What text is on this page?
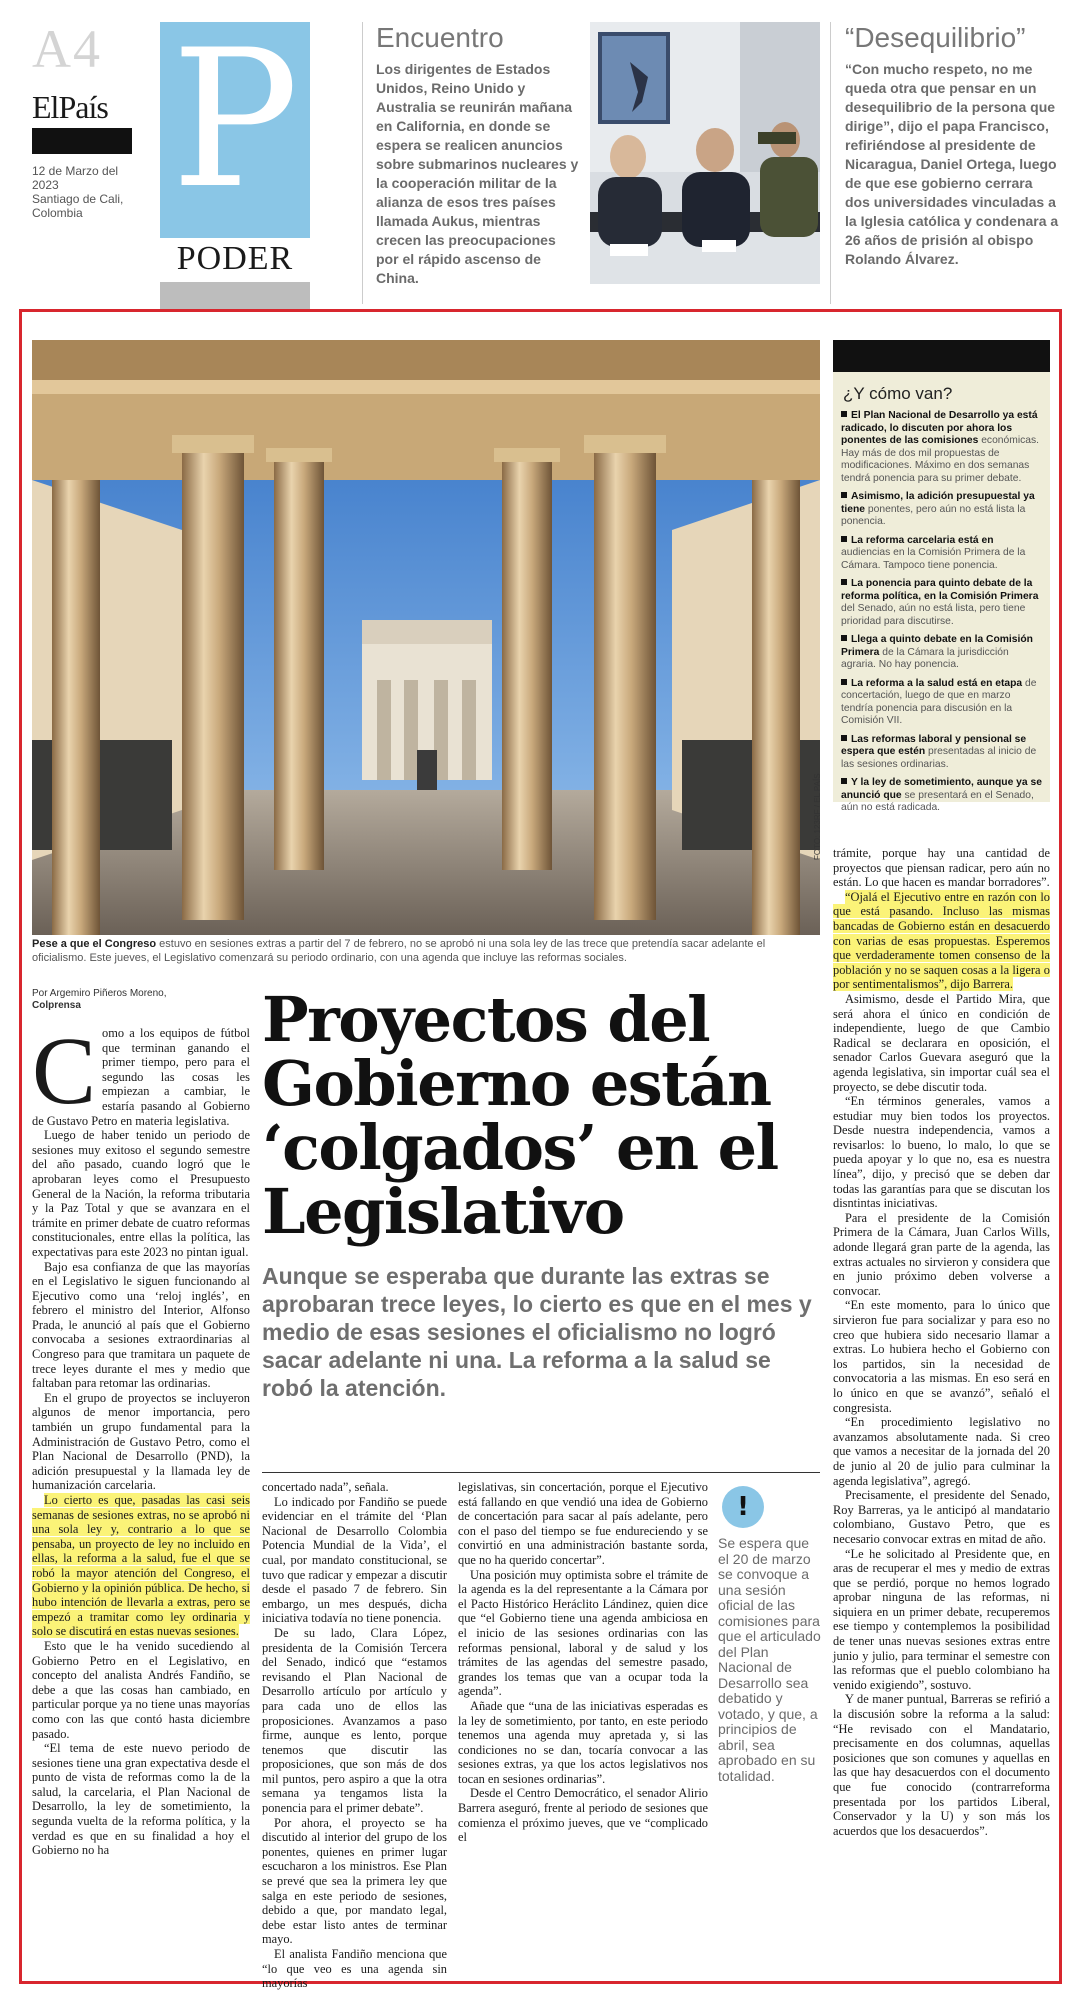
A4
ElPaís
12 de Marzo del 2023
Santiago de Cali, Colombia P
PODER
Encuentro
Los dirigentes de Estados Unidos, Reino Unido y Australia se reunirán mañana en California, en donde se espera se realicen anuncios sobre submarinos nucleares y la cooperación militar de la alianza de esos tres países llamada Aukus, mientras crecen las preocupaciones por el rápido ascenso de China.
“Desequilibrio”
“Con mucho respeto, no me queda otra que pensar en un desequilibrio de la persona que dirige”, dijo el papa Francisco, refiriéndose al presidente de Nicaragua, Daniel Ortega, luego de que ese gobierno cerrara dos universidades vinculadas a la Iglesia católica y condenara a 26 años de prisión al obispo Rolando Álvarez.
FOTO: 123RF / EL PAÍS
Pese a que el Congreso estuvo en sesiones extras a partir del 7 de febrero, no se aprobó ni una sola ley de las trece que pretendía sacar adelante el oficialismo. Este jueves, el Legislativo comenzará su periodo ordinario, con una agenda que incluye las reformas sociales.
¿Y cómo van?
El Plan Nacional de Desarrollo ya está radicado, lo discuten por ahora los ponentes de las comisiones económicas. Hay más de dos mil propuestas de modificaciones. Máximo en dos semanas tendrá ponencia para su primer debate.
Asimismo, la adición presupuestal ya tiene ponentes, pero aún no está lista la ponencia.
La reforma carcelaria está en audiencias en la Comisión Primera de la Cámara. Tampoco tiene ponencia.
La ponencia para quinto debate de la reforma política, en la Comisión Primera del Senado, aún no está lista, pero tiene prioridad para discutirse.
Llega a quinto debate en la Comisión Primera de la Cámara la jurisdicción agraria. No hay ponencia.
La reforma a la salud está en etapa de concertación, luego de que en marzo tendría ponencia para discusión en la Comisión VII.
Las reformas laboral y pensional se espera que estén presentadas al inicio de las sesiones ordinarias.
Y la ley de sometimiento, aunque ya se anunció que se presentará en el Senado, aún no está radicada.
Por Argemiro Piñeros Moreno,
Colprensa	Proyectos del Gobierno están ‘colgados’ en el Legislativo
Aunque se esperaba que durante las extras se aprobaran trece leyes, lo cierto es que en el mes y medio de esas sesiones el oficialismo no logró sacar adelante ni una. La reforma a la salud se robó la atención.

Como a los equipos de fútbol que terminan ganando el primer tiempo, pero para el segundo las cosas les empiezan a cambiar, le estaría pasando al Gobierno de Gustavo Petro en materia legislativa.

Luego de haber tenido un periodo de sesiones muy exitoso el segundo semestre del año pasado, cuando logró que le aprobaran leyes como el Presupuesto General de la Nación, la reforma tributaria y la Paz Total y que se avanzara en el trámite en primer debate de cuatro reformas constitucionales, entre ellas la política, las expectativas para este 2023 no pintan igual.

Bajo esa confianza de que las mayorías en el Legislativo le siguen funcionando al Ejecutivo como una ‘reloj inglés’, en febrero el ministro del Interior, Alfonso Prada, le anunció al país que el Gobierno convocaba a sesiones extraordinarias al Congreso para que tramitara un paquete de trece leyes durante el mes y medio que faltaban para retomar las ordinarias.

En el grupo de proyectos se incluyeron algunos de menor importancia, pero también un grupo fundamental para la Administración de Gustavo Petro, como el Plan Nacional de Desarrollo (PND), la adición presupuestal y la llamada ley de humanización carcelaria.

Lo cierto es que, pasadas las casi seis semanas de sesiones extras, no se aprobó ni una sola ley y, contrario a lo que se pensaba, un proyecto de ley no incluido en ellas, la reforma a la salud, fue el que se robó la mayor atención del Congreso, el Gobierno y la opinión pública. De hecho, si hubo intención de llevarla a extras, pero se empezó a tramitar como ley ordinaria y solo se discutirá en estas nuevas sesiones.

Esto que le ha venido sucediendo al Gobierno Petro en el Legislativo, en concepto del analista Andrés Fandiño, se debe a que las cosas han cambiado, en particular porque ya no tiene unas mayorías como con las que contó hasta diciembre pasado.

“El tema de este nuevo periodo de sesiones tiene una gran expectativa desde el punto de vista de reformas como la de la salud, la carcelaria, el Plan Nacional de Desarrollo, la ley de sometimiento, la segunda vuelta de la reforma política, y la verdad es que en su finalidad a hoy el Gobierno no ha

concertado nada”, señala.

Lo indicado por Fandiño se puede evidenciar en el trámite del ‘Plan Nacional de Desarrollo Colombia Potencia Mundial de la Vida’, el cual, por mandato constitucional, se tuvo que radicar y empezar a discutir desde el pasado 7 de febrero. Sin embargo, un mes después, dicha iniciativa todavía no tiene ponencia.

De su lado, Clara López, presidenta de la Comisión Tercera del Senado, indicó que “estamos revisando el Plan Nacional de Desarrollo artículo por artículo y para cada uno de ellos las proposiciones. Avanzamos a paso firme, aunque es lento, porque tenemos que discutir las proposiciones, que son más de dos mil puntos, pero aspiro a que la otra semana ya tengamos lista la ponencia para el primer debate”.

Por ahora, el proyecto se ha discutido al interior del grupo de los ponentes, quienes en primer lugar escucharon a los ministros. Ese Plan se prevé que sea la primera ley que salga en este periodo de sesiones, debido a que, por mandato legal, debe estar listo antes de terminar mayo.

El analista Fandiño menciona que “lo que veo es una agenda sin mayorías

legislativas, sin concertación, porque el Ejecutivo está fallando en que vendió una idea de Gobierno de concertación para sacar al país adelante, pero con el paso del tiempo se fue endureciendo y se convirtió en una administración bastante sorda, que no ha querido concertar”.

Una posición muy optimista sobre el trámite de la agenda es la del representante a la Cámara por el Pacto Histórico Heráclito Lándinez, quien dice que “el Gobierno tiene una agenda ambiciosa en el inicio de las sesiones ordinarias con las reformas pensional, laboral y de salud y los trámites de las agendas del semestre pasado, grandes los temas que van a ocupar toda la agenda”.

Añade que “una de las iniciativas esperadas es la ley de sometimiento, por tanto, en este periodo tenemos una agenda muy apretada y, si las condiciones no se dan, tocaría convocar a las sesiones extras, ya que los actos legislativos nos tocan en sesiones ordinarias”.

Desde el Centro Democrático, el senador Alirio Barrera aseguró, frente al periodo de sesiones que comienza el próximo jueves, que ve “complicado el

!
Se espera que el 20 de marzo se convoque a una sesión oficial de las comisiones para que el articulado del Plan Nacional de Desarrollo sea debatido y votado, y que, a principios de abril, sea aprobado en su totalidad.

trámite, porque hay una cantidad de proyectos que piensan radicar, pero aún no están. Lo que hacen es mandar borradores”.

“Ojalá el Ejecutivo entre en razón con lo que está pasando. Incluso las mismas bancadas de Gobierno están en desacuerdo con varias de esas propuestas. Esperemos que verdaderamente tomen consenso de la población y no se saquen cosas a la ligera o por sentimentalismos”, dijo Barrera.

Asimismo, desde el Partido Mira, que será ahora el único en condición de independiente, luego de que Cambio Radical se declarara en oposición, el senador Carlos Guevara aseguró que la agenda legislativa, sin importar cuál sea el proyecto, se debe discutir toda.

“En términos generales, vamos a estudiar muy bien todos los proyectos. Desde nuestra independencia, vamos a revisarlos: lo bueno, lo malo, lo que se pueda apoyar y lo que no, esa es nuestra línea”, dijo, y precisó que se deben dar todas las garantías para que se discutan los disntintas iniciativas.

Para el presidente de la Comisión Primera de la Cámara, Juan Carlos Wills, adonde llegará gran parte de la agenda, las extras actuales no sirvieron y considera que en junio próximo deben volverse a convocar.

“En este momento, para lo único que sirvieron fue para socializar y para eso no creo que hubiera sido necesario llamar a extras. Lo hubiera hecho el Gobierno con los partidos, sin la necesidad de convocatoria a las mismas. En eso será en lo único en que se avanzó”, señaló el congresista.

“En procedimiento legislativo no avanzamos absolutamente nada. Si creo que vamos a necesitar de la jornada del 20 de junio al 20 de julio para culminar la agenda legislativa”, agregó.

Precisamente, el presidente del Senado, Roy Barreras, ya le anticipó al mandatario colombiano, Gustavo Petro, que es necesario convocar extras en mitad de año.

“Le he solicitado al Presidente que, en aras de recuperar el mes y medio de extras que se perdió, porque no hemos logrado aprobar ninguna de las reformas, ni siquiera en un primer debate, recuperemos ese tiempo y contemplemos la posibilidad de tener unas nuevas sesiones extras entre junio y julio, para terminar el semestre con las reformas que el pueblo colombiano ha venido exigiendo”, sostuvo.

Y de maner puntual, Barreras se refirió a la discusión sobre la reforma a la salud: “He revisado con el Mandatario, precisamente en dos columnas, aquellas posiciones que son comunes y aquellas en las que hay desacuerdos con el documento que fue conocido (contrarreforma presentada por los partidos Liberal, Conservador y la U) y son más los acuerdos que los desacuerdos”.
